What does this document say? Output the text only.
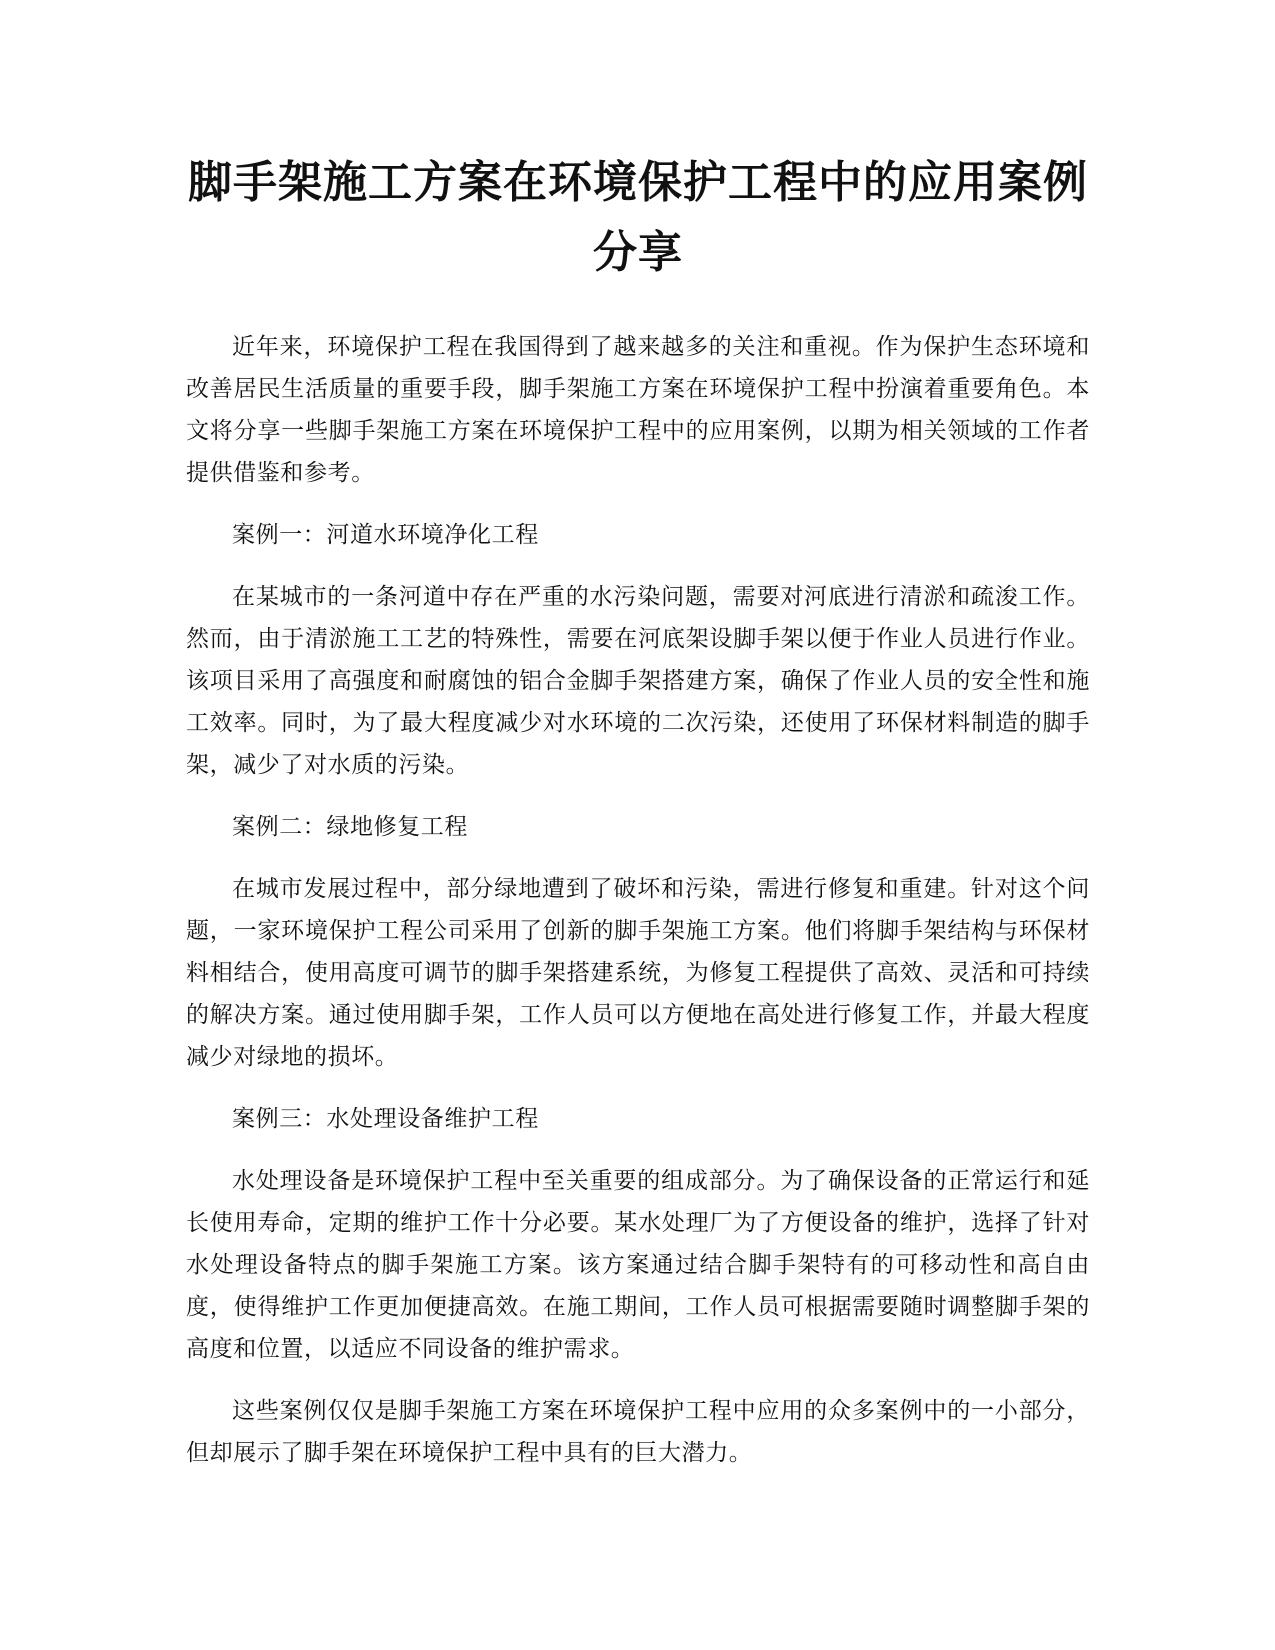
脚手架施工方案在环境保护工程中的应用案例分享

近年来，环境保护工程在我国得到了越来越多的关注和重视。作为保护生态环境和改善居民生活质量的重要手段，脚手架施工方案在环境保护工程中扮演着重要角色。本文将分享一些脚手架施工方案在环境保护工程中的应用案例，以期为相关领域的工作者提供借鉴和参考。

案例一：河道水环境净化工程

在某城市的一条河道中存在严重的水污染问题，需要对河底进行清淤和疏浚工作。然而，由于清淤施工工艺的特殊性，需要在河底架设脚手架以便于作业人员进行作业。该项目采用了高强度和耐腐蚀的铝合金脚手架搭建方案，确保了作业人员的安全性和施工效率。同时，为了最大程度减少对水环境的二次污染，还使用了环保材料制造的脚手架，减少了对水质的污染。

案例二：绿地修复工程

在城市发展过程中，部分绿地遭到了破坏和污染，需进行修复和重建。针对这个问题，一家环境保护工程公司采用了创新的脚手架施工方案。他们将脚手架结构与环保材料相结合，使用高度可调节的脚手架搭建系统，为修复工程提供了高效、灵活和可持续的解决方案。通过使用脚手架，工作人员可以方便地在高处进行修复工作，并最大程度减少对绿地的损坏。

案例三：水处理设备维护工程

水处理设备是环境保护工程中至关重要的组成部分。为了确保设备的正常运行和延长使用寿命，定期的维护工作十分必要。某水处理厂为了方便设备的维护，选择了针对水处理设备特点的脚手架施工方案。该方案通过结合脚手架特有的可移动性和高自由度，使得维护工作更加便捷高效。在施工期间，工作人员可根据需要随时调整脚手架的高度和位置，以适应不同设备的维护需求。

这些案例仅仅是脚手架施工方案在环境保护工程中应用的众多案例中的一小部分，但却展示了脚手架在环境保护工程中具有的巨大潜力。
